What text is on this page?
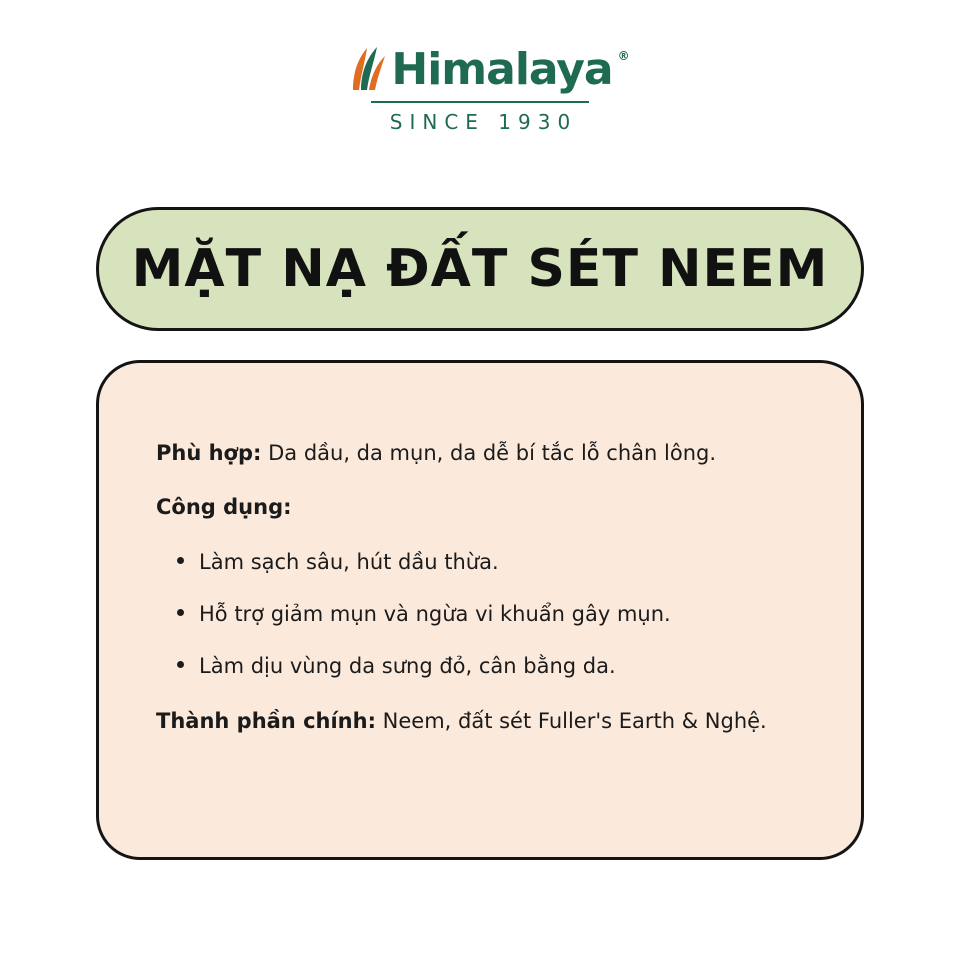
Himalaya ®
SINCE 1930
MẶT NẠ ĐẤT SÉT NEEM

Phù hợp: Da dầu, da mụn, da dễ bí tắc lỗ chân lông.

Công dụng:

Làm sạch sâu, hút dầu thừa.
Hỗ trợ giảm mụn và ngừa vi khuẩn gây mụn.
Làm dịu vùng da sưng đỏ, cân bằng da.

Thành phần chính: Neem, đất sét Fuller's Earth & Nghệ.
